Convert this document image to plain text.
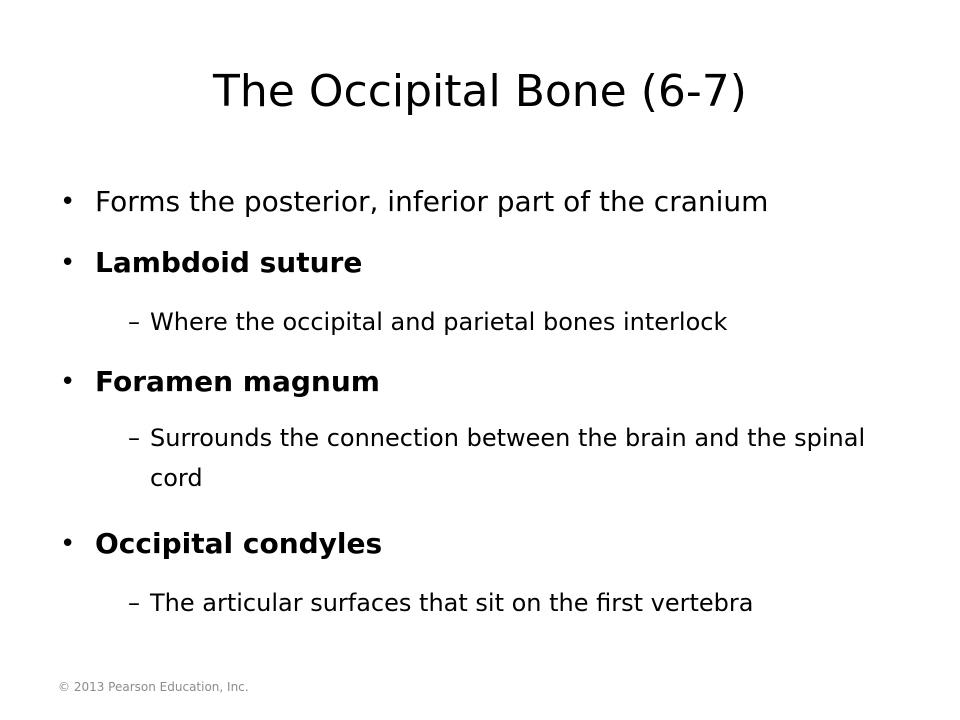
The Occipital Bone (6-7)
• Forms the posterior, inferior part of the cranium
• Lambdoid suture
– Where the occipital and parietal bones interlock
• Foramen magnum
– Surrounds the connection between the brain and the spinal cord
• Occipital condyles
– The articular surfaces that sit on the first vertebra
© 2013 Pearson Education, Inc.
